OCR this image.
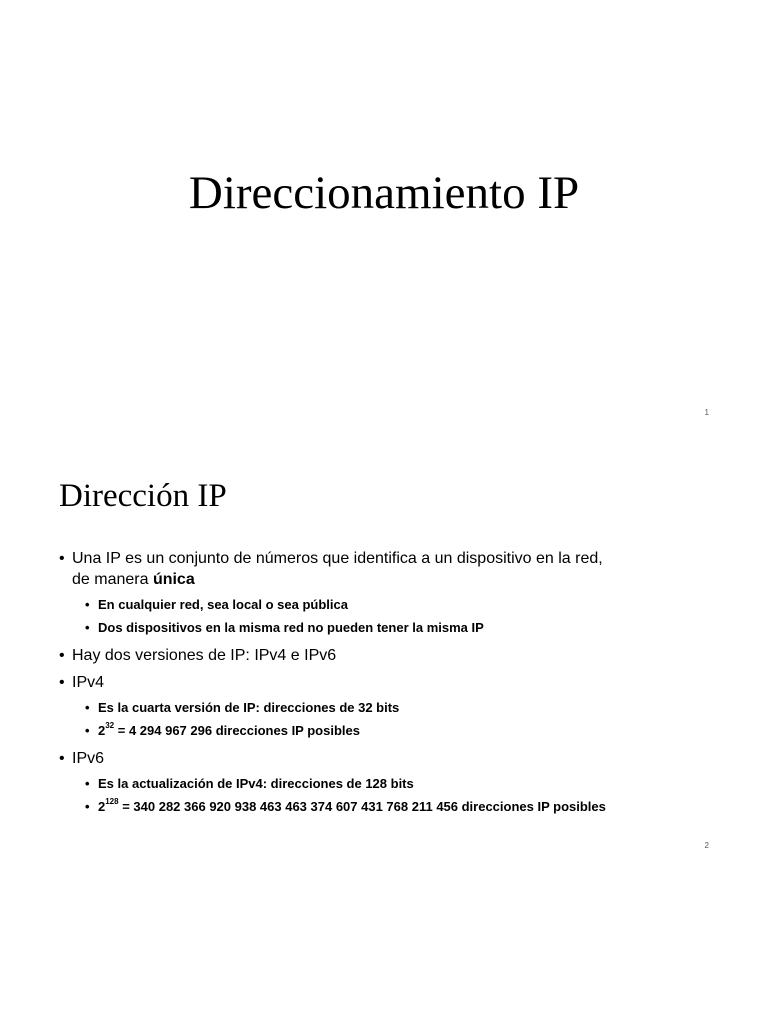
Direccionamiento IP
1
Dirección IP
• Una IP es un conjunto de números que identifica a un dispositivo en la red,
de manera única
• En cualquier red, sea local o sea pública
• Dos dispositivos en la misma red no pueden tener la misma IP
• Hay dos versiones de IP: IPv4 e IPv6
• IPv4
• Es la cuarta versión de IP: direcciones de 32 bits
• $2^{32} = 4$ 294 967 296 direcciones IP posibles
• IPv6
• Es la actualización de IPv4: direcciones de 128 bits
• $2^{128} = 340$ 282 366 920 938 463 463 374 607 431 768 211 456 direcciones IP posibles
2
